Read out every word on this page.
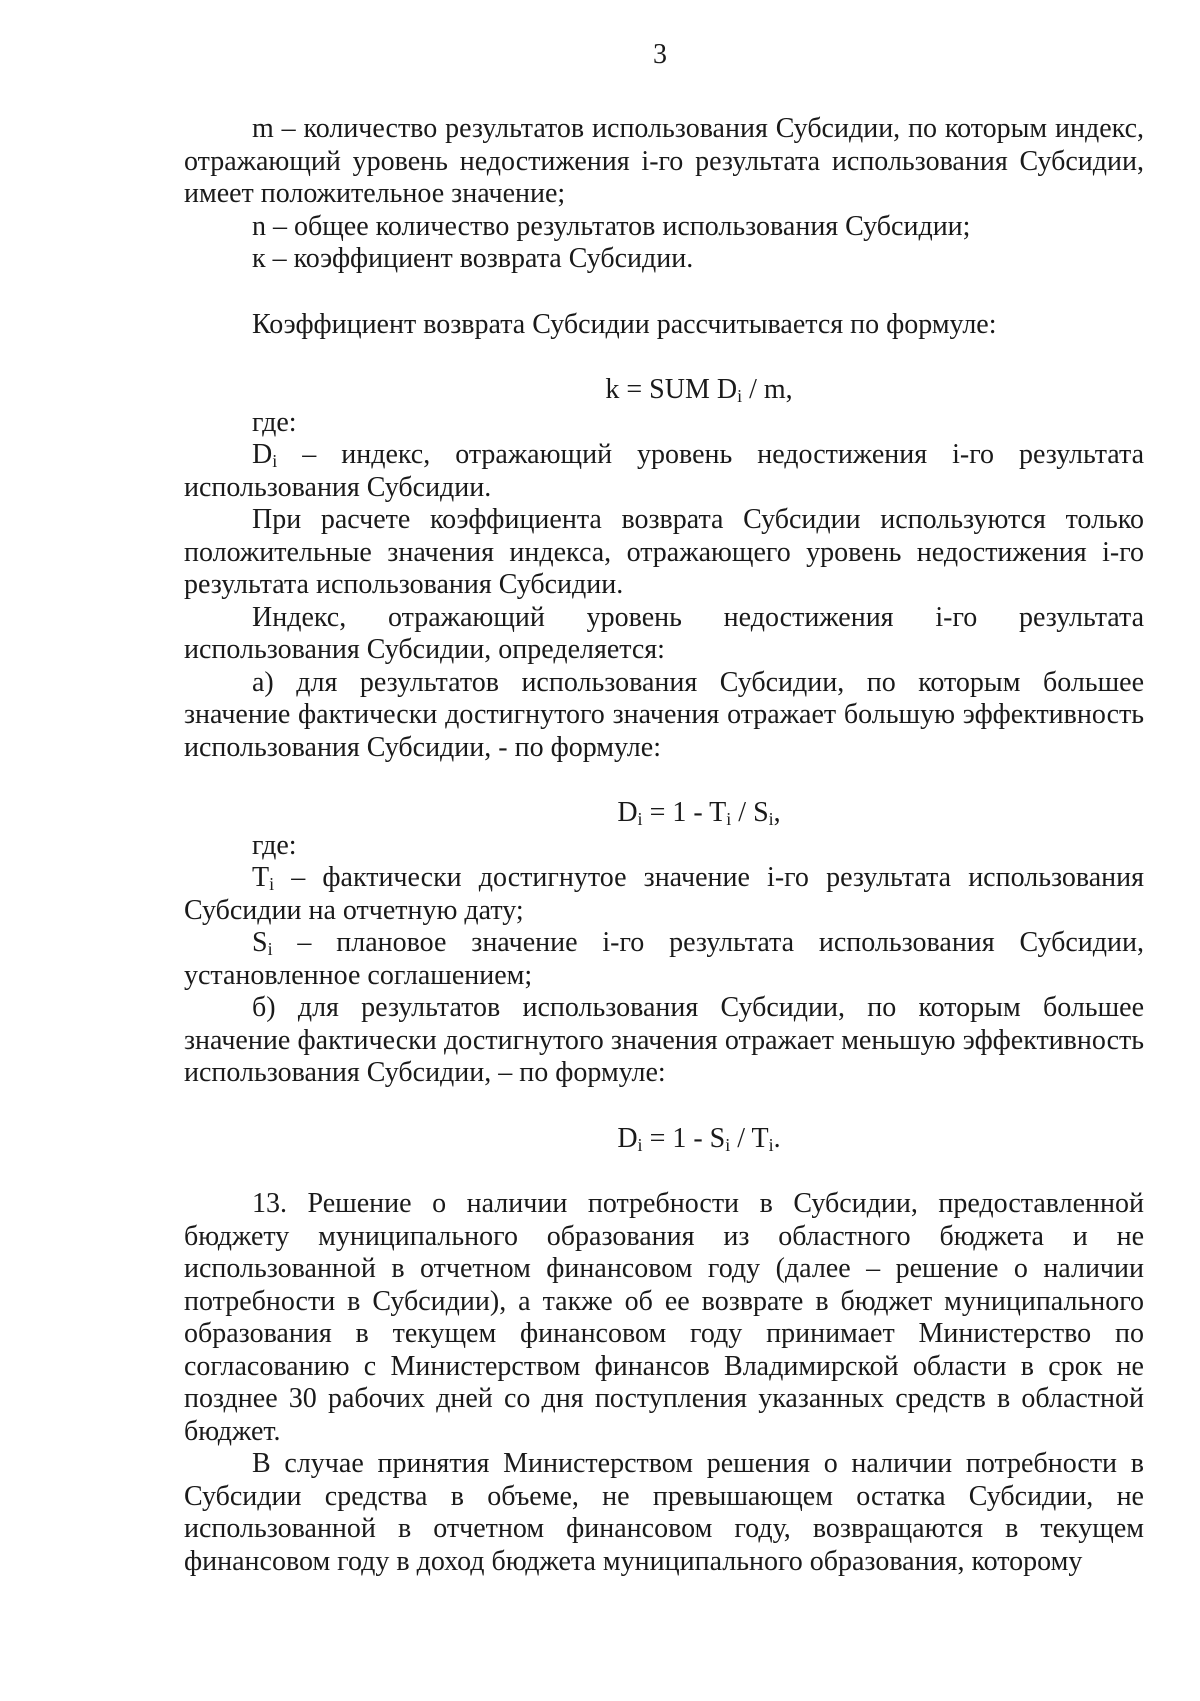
3

m – количество результатов использования Субсидии, по которым индекс, отражающий уровень недостижения i-го результата использования Субсидии, имеет положительное значение;

n – общее количество результатов использования Субсидии;

к – коэффициент возврата Субсидии.

Коэффициент возврата Субсидии рассчитывается по формуле:

k = SUM $D_i$ / m,

где:

$D_i$ – индекс, отражающий уровень недостижения i-го результата использования Субсидии.

При расчете коэффициента возврата Субсидии используются только положительные значения индекса, отражающего уровень недостижения i-го результата использования Субсидии.

Индекс, отражающий уровень недостижения i-го результата использования Субсидии, определяется:

а) для результатов использования Субсидии, по которым большее значение фактически достигнутого значения отражает большую эффективность использования Субсидии, - по формуле:

$D_i = 1 - T_i / S_i$,

где:

$T_i$ – фактически достигнутое значение i-го результата использования Субсидии на отчетную дату;

$S_i$ – плановое значение i-го результата использования Субсидии, установленное соглашением;

б) для результатов использования Субсидии, по которым большее значение фактически достигнутого значения отражает меньшую эффективность использования Субсидии, – по формуле:

$D_i = 1 - S_i / T_i$.

13. Решение о наличии потребности в Субсидии, предоставленной бюджету муниципального образования из областного бюджета и не использованной в отчетном финансовом году (далее – решение о наличии потребности в Субсидии), а также об ее возврате в бюджет муниципального образования в текущем финансовом году принимает Министерство по согласованию с Министерством финансов Владимирской области в срок не позднее 30 рабочих дней со дня поступления указанных средств в областной бюджет.

В случае принятия Министерством решения о наличии потребности в Субсидии средства в объеме, не превышающем остатка Субсидии, не использованной в отчетном финансовом году, возвращаются в текущем финансовом году в доход бюджета муниципального образования, которому
